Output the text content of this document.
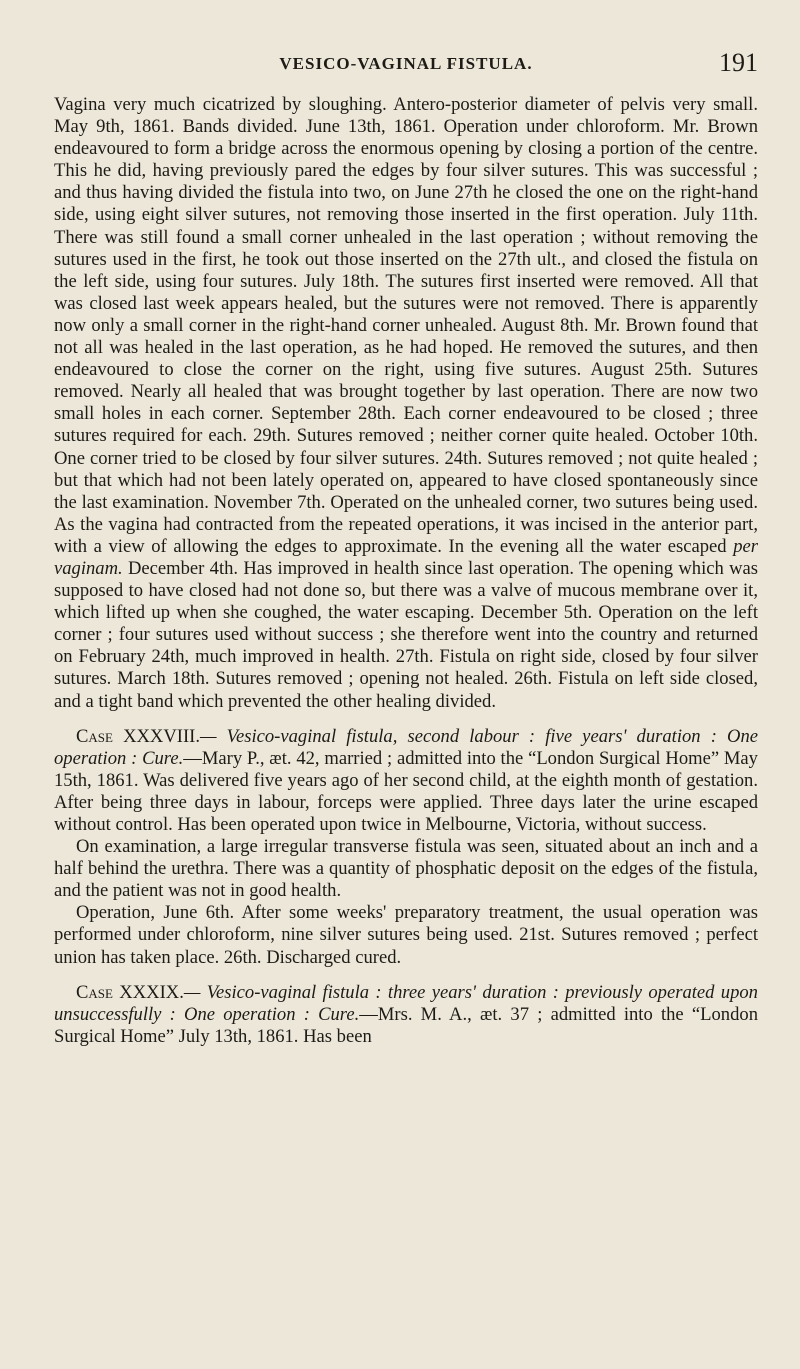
VESICO-VAGINAL FISTULA.	191

Vagina very much cicatrized by sloughing. Antero-posterior diameter of pelvis very small. May 9th, 1861. Bands divided. June 13th, 1861. Operation under chloroform. Mr. Brown endeavoured to form a bridge across the enormous opening by closing a portion of the centre. This he did, having previously pared the edges by four silver sutures. This was successful ; and thus having divided the fistula into two, on June 27th he closed the one on the right-hand side, using eight silver sutures, not removing those inserted in the first operation. July 11th. There was still found a small corner unhealed in the last operation ; without removing the sutures used in the first, he took out those inserted on the 27th ult., and closed the fistula on the left side, using four sutures. July 18th. The sutures first inserted were removed. All that was closed last week appears healed, but the sutures were not removed. There is apparently now only a small corner in the right-hand corner unhealed. August 8th. Mr. Brown found that not all was healed in the last operation, as he had hoped. He removed the sutures, and then endeavoured to close the corner on the right, using five sutures. August 25th. Sutures removed. Nearly all healed that was brought together by last operation. There are now two small holes in each corner. September 28th. Each corner endeavoured to be closed ; three sutures required for each. 29th. Sutures removed ; neither corner quite healed. October 10th. One corner tried to be closed by four silver sutures. 24th. Sutures removed ; not quite healed ; but that which had not been lately operated on, appeared to have closed spontaneously since the last examination. November 7th. Operated on the unhealed corner, two sutures being used. As the vagina had contracted from the repeated operations, it was incised in the anterior part, with a view of allowing the edges to approximate. In the evening all the water escaped per vaginam. December 4th. Has improved in health since last operation. The opening which was supposed to have closed had not done so, but there was a valve of mucous membrane over it, which lifted up when she coughed, the water escaping. December 5th. Operation on the left corner ; four sutures used without success ; she therefore went into the country and returned on February 24th, much improved in health. 27th. Fistula on right side, closed by four silver sutures. March 18th. Sutures removed ; opening not healed. 26th. Fistula on left side closed, and a tight band which prevented the other healing divided.

Case XXXVIII.— Vesico-vaginal fistula, second labour : five years' duration : One operation : Cure.—Mary P., æt. 42, married ; admitted into the “London Surgical Home” May 15th, 1861. Was delivered five years ago of her second child, at the eighth month of gestation. After being three days in labour, forceps were applied. Three days later the urine escaped without control. Has been operated upon twice in Melbourne, Victoria, without success.

On examination, a large irregular transverse fistula was seen, situated about an inch and a half behind the urethra. There was a quantity of phosphatic deposit on the edges of the fistula, and the patient was not in good health.

Operation, June 6th. After some weeks' preparatory treatment, the usual operation was performed under chloroform, nine silver sutures being used. 21st. Sutures removed ; perfect union has taken place. 26th. Discharged cured.

Case XXXIX.— Vesico-vaginal fistula : three years' duration : previously operated upon unsuccessfully : One operation : Cure.—Mrs. M. A., æt. 37 ; admitted into the “London Surgical Home” July 13th, 1861. Has been
